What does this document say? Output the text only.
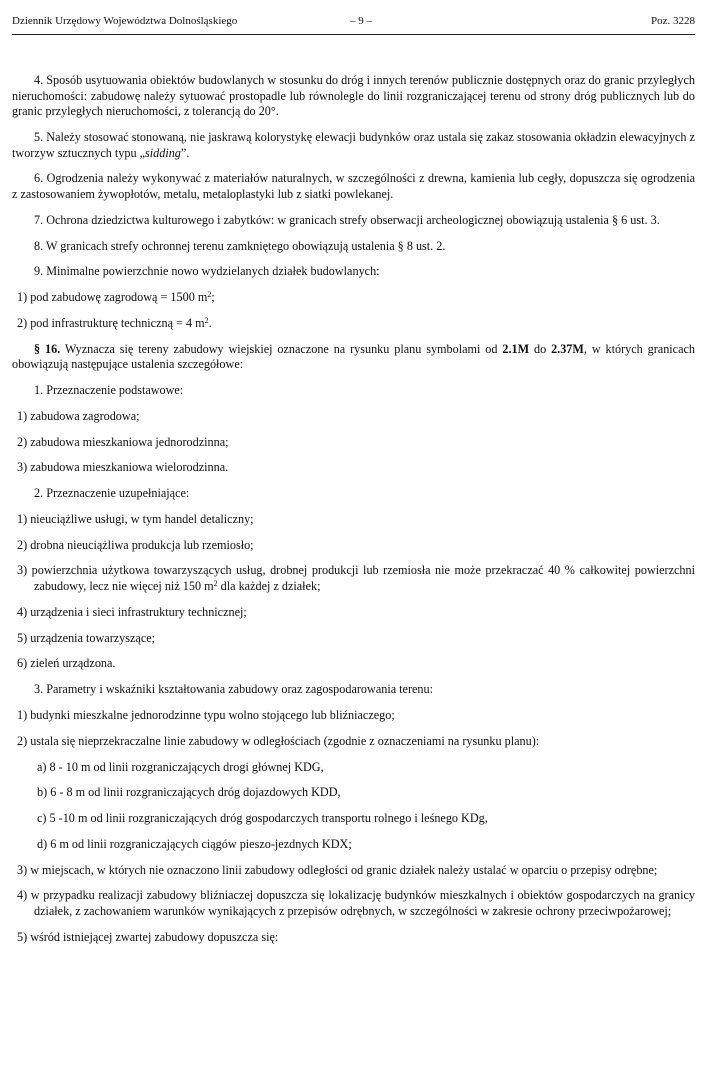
Dziennik Urzędowy Województwa Dolnośląskiego	– 9 –	Poz. 3228

4. Sposób usytuowania obiektów budowlanych w stosunku do dróg i innych terenów publicznie dostępnych oraz do granic przyległych nieruchomości: zabudowę należy sytuować prostopadle lub równolegle do linii rozgraniczającej terenu od strony dróg publicznych lub do granic przyległych nieruchomości, z tolerancją do 20°.

5. Należy stosować stonowaną, nie jaskrawą kolorystykę elewacji budynków oraz ustala się zakaz stosowania okładzin elewacyjnych z tworzyw sztucznych typu „sidding”.

6. Ogrodzenia należy wykonywać z materiałów naturalnych, w szczególności z drewna, kamienia lub cegły, dopuszcza się ogrodzenia z zastosowaniem żywopłotów, metalu, metaloplastyki lub z siatki powlekanej.

7. Ochrona dziedzictwa kulturowego i zabytków: w granicach strefy obserwacji archeologicznej obowiązują ustalenia § 6 ust. 3.

8. W granicach strefy ochronnej terenu zamkniętego obowiązują ustalenia § 8 ust. 2.

9. Minimalne powierzchnie nowo wydzielanych działek budowlanych:

1) pod zabudowę zagrodową = 1500 $m^2$;

2) pod infrastrukturę techniczną = 4 $m^2$.

§ 16. Wyznacza się tereny zabudowy wiejskiej oznaczone na rysunku planu symbolami od 2.1M do 2.37M, w których granicach obowiązują następujące ustalenia szczegółowe:

1. Przeznaczenie podstawowe:

1) zabudowa zagrodowa;

2) zabudowa mieszkaniowa jednorodzinna;

3) zabudowa mieszkaniowa wielorodzinna.

2. Przeznaczenie uzupełniające:

1) nieuciążliwe usługi, w tym handel detaliczny;

2) drobna nieuciążliwa produkcja lub rzemiosło;

3) powierzchnia użytkowa towarzyszących usług, drobnej produkcji lub rzemiosła nie może przekraczać 40 % całkowitej powierzchni zabudowy, lecz nie więcej niż 150 $m^2$ dla każdej z działek;

4) urządzenia i sieci infrastruktury technicznej;

5) urządzenia towarzyszące;

6) zieleń urządzona.

3. Parametry i wskaźniki kształtowania zabudowy oraz zagospodarowania terenu:

1) budynki mieszkalne jednorodzinne typu wolno stojącego lub bliźniaczego;

2) ustala się nieprzekraczalne linie zabudowy w odległościach (zgodnie z oznaczeniami na rysunku planu):

a) 8 - 10 m od linii rozgraniczających drogi głównej KDG,

b) 6 - 8 m od linii rozgraniczających dróg dojazdowych KDD,

c) 5 -10 m od linii rozgraniczających dróg gospodarczych transportu rolnego i leśnego KDg,

d) 6 m od linii rozgraniczających ciągów pieszo-jezdnych KDX;

3) w miejscach, w których nie oznaczono linii zabudowy odległości od granic działek należy ustalać w oparciu o przepisy odrębne;

4) w przypadku realizacji zabudowy bliźniaczej dopuszcza się lokalizację budynków mieszkalnych i obiektów gospodarczych na granicy działek, z zachowaniem warunków wynikających z przepisów odrębnych, w szczególności w zakresie ochrony przeciwpożarowej;

5) wśród istniejącej zwartej zabudowy dopuszcza się:
